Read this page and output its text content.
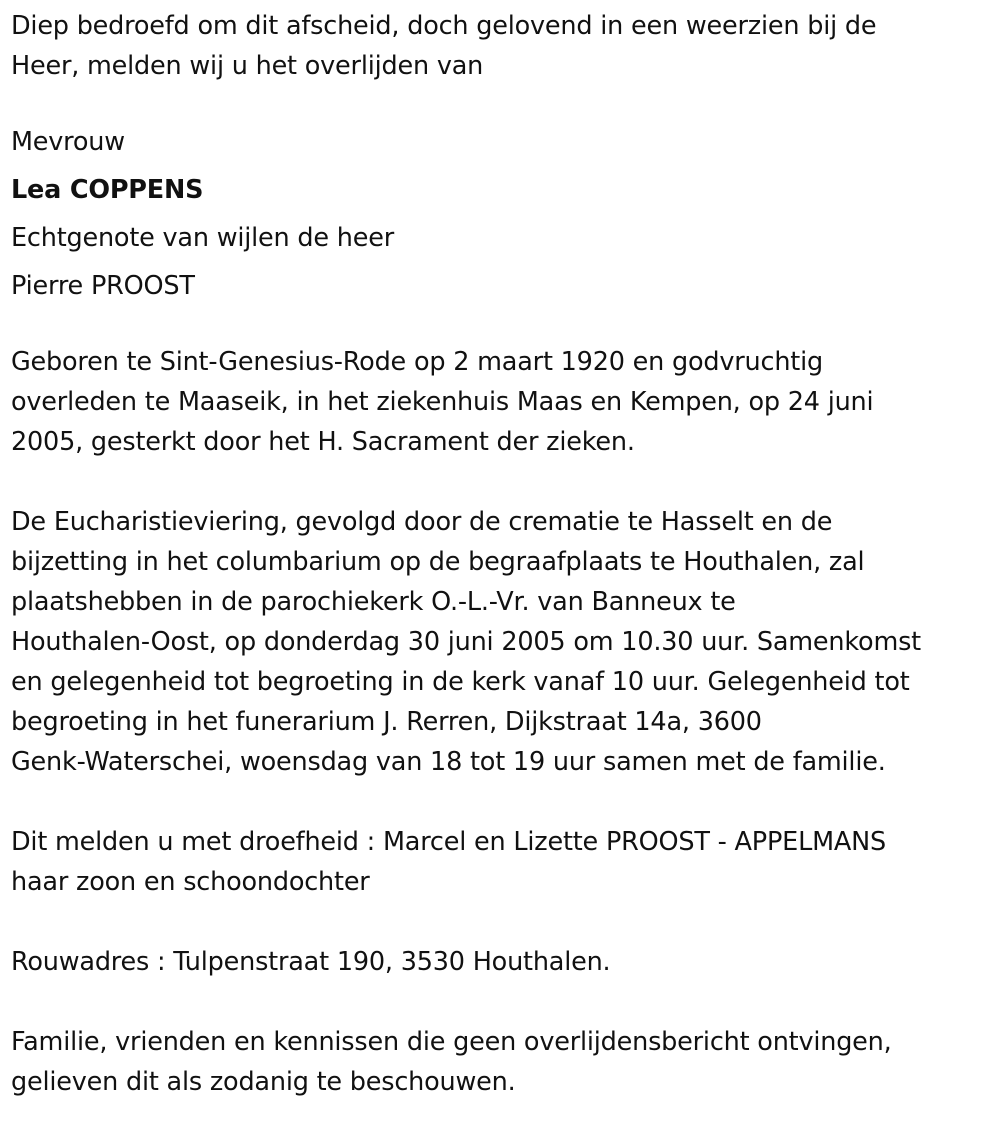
Diep bedroefd om dit afscheid, doch gelovend in een weerzien bij de
Heer, melden wij u het overlijden van

Mevrouw

Lea COPPENS

Echtgenote van wijlen de heer

Pierre PROOST

Geboren te Sint-Genesius-Rode op 2 maart 1920 en godvruchtig
overleden te Maaseik, in het ziekenhuis Maas en Kempen, op 24 juni
2005, gesterkt door het H. Sacrament der zieken.

De Eucharistieviering, gevolgd door de crematie te Hasselt en de
bijzetting in het columbarium op de begraafplaats te Houthalen, zal
plaatshebben in de parochiekerk O.-L.-Vr. van Banneux te
Houthalen-Oost, op donderdag 30 juni 2005 om 10.30 uur. Samenkomst
en gelegenheid tot begroeting in de kerk vanaf 10 uur. Gelegenheid tot
begroeting in het funerarium J. Rerren, Dijkstraat 14a, 3600
Genk-Waterschei, woensdag van 18 tot 19 uur samen met de familie.

Dit melden u met droefheid : Marcel en Lizette PROOST - APPELMANS
haar zoon en schoondochter

Rouwadres : Tulpenstraat 190, 3530 Houthalen.

Familie, vrienden en kennissen die geen overlijdensbericht ontvingen,
gelieven dit als zodanig te beschouwen.
